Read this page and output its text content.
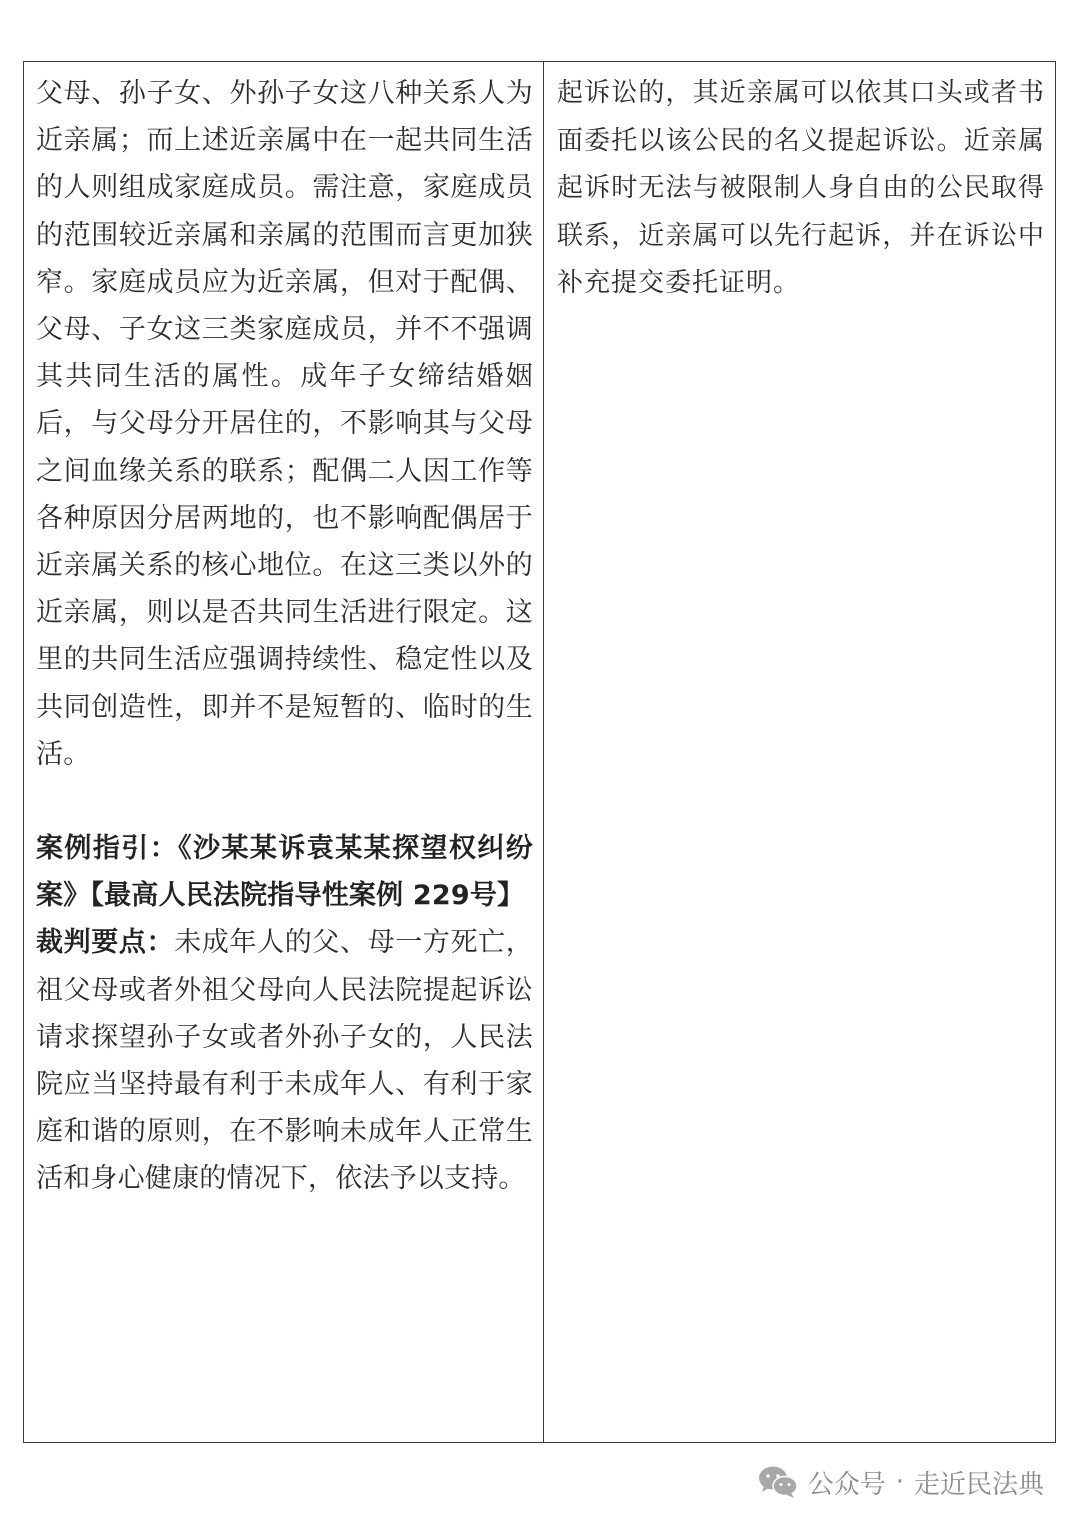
父母、孙子女、外孙子女这八种关系人为近亲属；而上述近亲属中在一起共同生活的人则组成家庭成员。需注意，家庭成员的范围较近亲属和亲属的范围而言更加狭窄。家庭成员应为近亲属，但对于配偶、父母、子女这三类家庭成员，并不不强调其共同生活的属性。成年子女缔结婚姻后，与父母分开居住的，不影响其与父母之间血缘关系的联系；配偶二人因工作等各种原因分居两地的，也不影响配偶居于近亲属关系的核心地位。在这三类以外的近亲属，则以是否共同生活进行限定。这里的共同生活应强调持续性、稳定性以及共同创造性，即并不是短暂的、临时的生活。

案例指引：《沙某某诉袁某某探望权纠纷案》【最高人民法院指导性案例 229号】

裁判要点：未成年人的父、母一方死亡，祖父母或者外祖父母向人民法院提起诉讼请求探望孙子女或者外孙子女的，人民法院应当坚持最有利于未成年人、有利于家庭和谐的原则，在不影响未成年人正常生活和身心健康的情况下，依法予以支持。

起诉讼的，其近亲属可以依其口头或者书面委托以该公民的名义提起诉讼。近亲属起诉时无法与被限制人身自由的公民取得联系，近亲属可以先行起诉，并在诉讼中补充提交委托证明。

公众号 · 走近民法典
